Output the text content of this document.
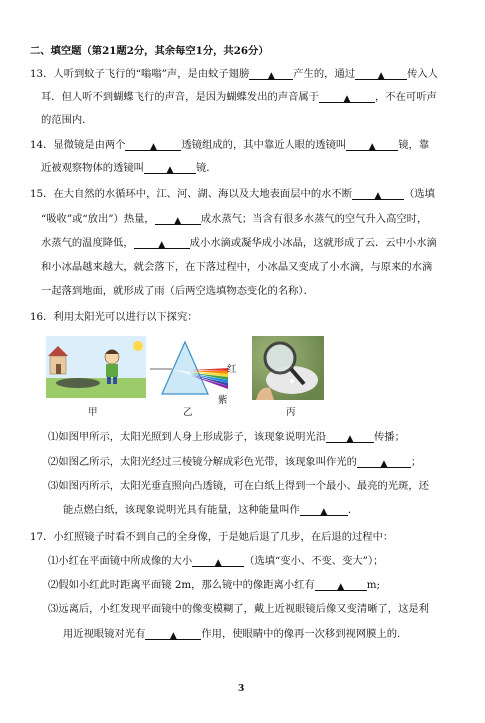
二、填空题（第21题2分，其余每空1分，共26分）
13．人听到蚊子飞行的“嗡嗡”声，是由蚊子翅膀 ▲ 产生的，通过	▲ 传入人
耳．但人听不到蝴蝶飞行的声音，是因为蝴蝶发出的声音属于	▲ ，不在可听声
的范围内．
14．显微镜是由两个	▲ 透镜组成的，其中靠近人眼的透镜叫	▲ 镜，靠
近被观察物体的透镜叫	▲ 镜．
15．在大自然的水循环中，江、河、湖、海以及大地表面层中的水不断	▲ （选填
“吸收”或“放出”）热量， ▲ 成水蒸气；当含有很多水蒸气的空气升入高空时，
水蒸气的温度降低，	▲ 成小水滴或凝华成小冰晶，这就形成了云．云中小水滴
和小冰晶越来越大，就会落下，在下落过程中，小冰晶又变成了小水滴，与原来的水滴
一起落到地面，就形成了雨（后两空选填物态变化的名称）．
16．利用太阳光可以进行以下探究：
甲
红
紫
乙	丙
⑴如图甲所示，太阳光照到人身上形成影子，该现象说明光沿 ▲ 传播；
⑵如图乙所示，太阳光经过三棱镜分解成彩色光带，该现象叫作光的	▲ ；
⑶如图丙所示，太阳光垂直照向凸透镜，可在白纸上得到一个最小、最亮的光斑，还
能点燃白纸，该现象说明光具有能量，这种能量叫作 ▲ ．
17．小红照镜子时看不到自己的全身像，于是她后退了几步，在后退的过程中：
⑴小红在平面镜中所成像的大小	▲ （选填“变小、不变、变大”）；
⑵假如小红此时距离平面镜 2m，那么镜中的像距离小红有	▲ m;
⑶远离后，小红发现平面镜中的像变模糊了，戴上近视眼镜后像又变清晰了，这是利
用近视眼镜对光有	▲ 作用，使眼睛中的像再一次移到视网膜上的.
3
